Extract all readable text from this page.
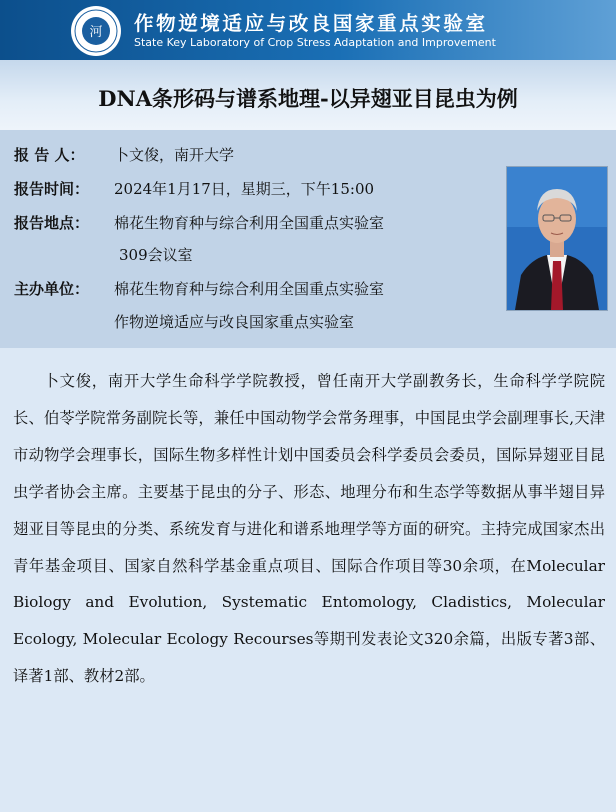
河 作物逆境适应与改良国家重点实验室
State Key Laboratory of Crop Stress Adaptation and Improvement
DNA条形码与谱系地理-以异翅亚目昆虫为例
报 告 人： 卜文俊，南开大学
报告时间： 2024年1月17日，星期三，下午15:00
报告地点： 棉花生物育种与综合利用全国重点实验室
309会议室
主办单位： 棉花生物育种与综合利用全国重点实验室
作物逆境适应与改良国家重点实验室
卜文俊，南开大学生命科学学院教授，曾任南开大学副教务长，生命科学学院院长、伯苓学院常务副院长等，兼任中国动物学会常务理事，中国昆虫学会副理事长,天津市动物学会理事长，国际生物多样性计划中国委员会科学委员会委员，国际异翅亚目昆虫学者协会主席。主要基于昆虫的分子、形态、地理分布和生态学等数据从事半翅目异翅亚目等昆虫的分类、系统发育与进化和谱系地理学等方面的研究。主持完成国家杰出青年基金项目、国家自然科学基金重点项目、国际合作项目等30余项，在Molecular Biology and Evolution, Systematic Entomology, Cladistics, Molecular Ecology, Molecular Ecology Recourses等期刊发表论文320余篇，出版专著3部、译著1部、教材2部。
